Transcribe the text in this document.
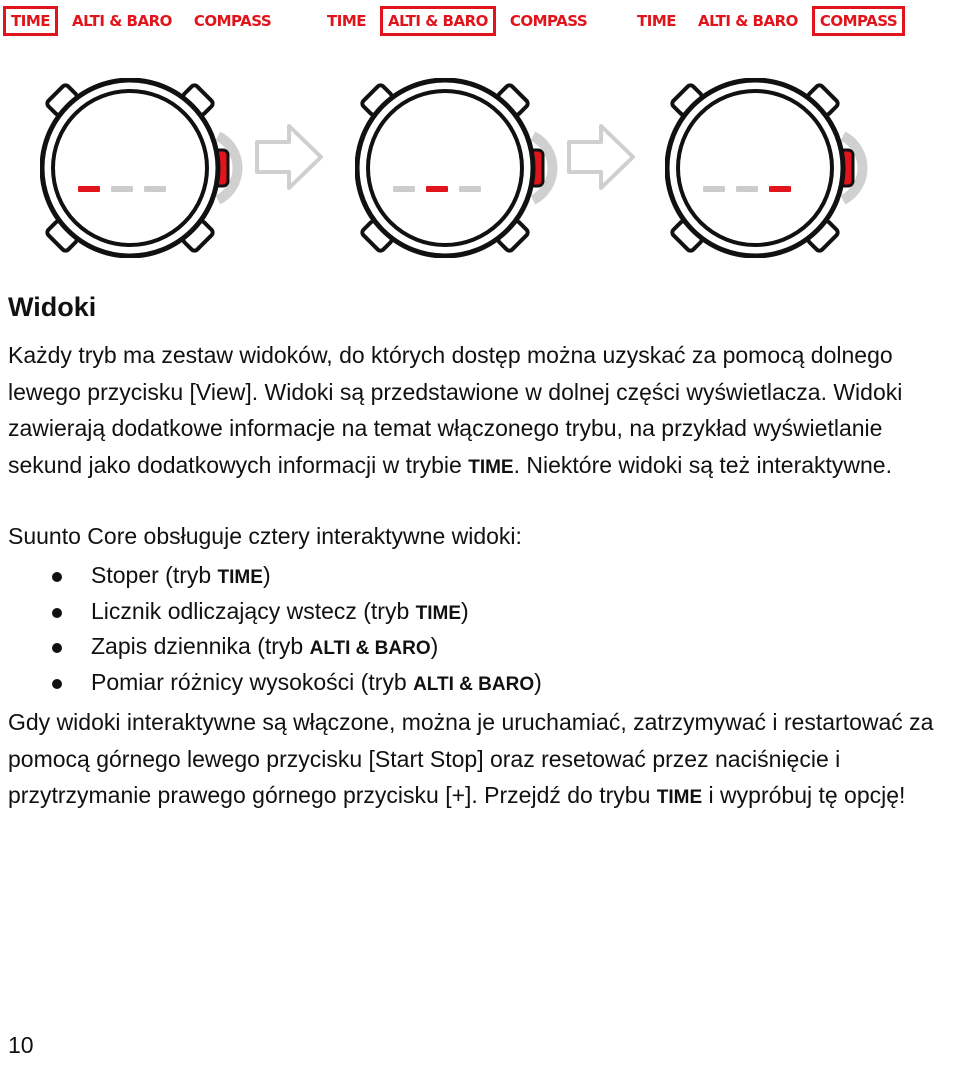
TIME	ALTI & BARO	COMPASS	TIME	ALTI & BARO	COMPASS	TIME	ALTI & BARO	COMPASS
Widoki

Każdy tryb ma zestaw widoków, do których dostęp można uzyskać za pomocą dolnego lewego przycisku [View]. Widoki są przedstawione w dolnej części wyświetlacza. Widoki zawierają dodatkowe informacje na temat włączonego trybu, na przykład wyświetlanie sekund jako dodatkowych informacji w trybie TIME. Niektóre widoki są też interaktywne.

Suunto Core obsługuje cztery interaktywne widoki:

Stoper (tryb TIME)
Licznik odliczający wstecz (tryb TIME)
Zapis dziennika (tryb ALTI & BARO)
Pomiar różnicy wysokości (tryb ALTI & BARO)

Gdy widoki interaktywne są włączone, można je uruchamiać, zatrzymywać i restartować za pomocą górnego lewego przycisku [Start Stop] oraz resetować przez naciśnięcie i przytrzymanie prawego górnego przycisku [+]. Przejdź do trybu TIME i wypróbuj tę opcję!

10
